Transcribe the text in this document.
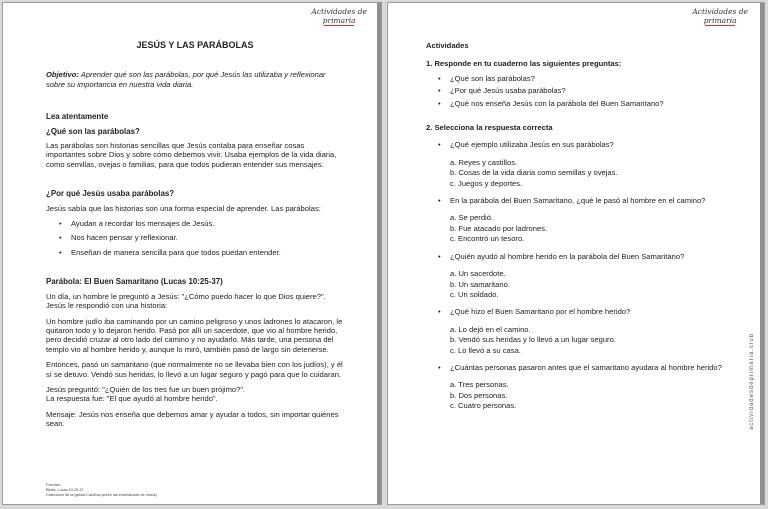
Actividades de
primaria
JESÚS Y LAS PARÁBOLAS
Objetivo: Aprender qué son las parábolas, por qué Jesús las utilizaba y reflexionar sobre su importancia en nuestra vida diaria.
Lea atentamente
¿Qué son las parábolas?

Las parábolas son historias sencillas que Jesús contaba para enseñar cosas importantes sobre Dios y sobre cómo debemos vivir. Usaba ejemplos de la vida diaria, como semillas, ovejas o familias, para que todos pudieran entender sus mensajes.

¿Por qué Jesús usaba parábolas?

Jesús sabía que las historias son una forma especial de aprender. Las parábolas:

• Ayudan a recordar los mensajes de Jesús.
• Nos hacen pensar y reflexionar.
• Enseñan de manera sencilla para que todos puedan entender.
Parábola: El Buen Samaritano (Lucas 10:25-37)

Un día, un hombre le preguntó a Jesús: "¿Cómo puedo hacer lo que Dios quiere?". Jesús le respondió con una historia:

Un hombre judío iba caminando por un camino peligroso y unos ladrones lo atacaron, le quitaron todo y lo dejaron herido. Pasó por allí un sacerdote, que vio al hombre herido, pero decidió cruzar al otro lado del camino y no ayudarlo. Más tarde, una persona del templo vio al hombre herido y, aunque lo miró, también pasó de largo sin detenerse.

Entonces, pasó un samaritano (que normalmente no se llevaba bien con los judíos), y él sí se detuvo. Vendó sus heridas, lo llevó a un lugar seguro y pagó para que lo cuidaran.

Jesús preguntó: "¿Quién de los tres fue un buen prójimo?".
La respuesta fue: "El que ayudó al hombre herido".

Mensaje: Jesús nos enseña que debemos amar y ayudar a todos, sin importar quiénes sean.

Fuentes:
Biblia: Lucas 10:25-37
Catecismo de la Iglesia Católica (sobre las enseñanzas de Jesús)
Actividades de
primaria
actividadesdeprimaria.club
Actividades
1. Responde en tu cuaderno las siguientes preguntas:
• ¿Qué son las parábolas?
• ¿Por qué Jesús usaba parábolas?
• ¿Qué nos enseña Jesús con la parábola del Buen Samaritano?
2. Selecciona la respuesta correcta
• ¿Qué ejemplo utilizaba Jesús en sus parábolas?
a. Reyes y castillos.
b. Cosas de la vida diaria como semillas y ovejas.
c. Juegos y deportes.
• En la parábola del Buen Samaritano, ¿qué le pasó al hombre en el camino?
a. Se perdió.
b. Fue atacado por ladrones.
c. Encontró un tesoro.
• ¿Quién ayudó al hombre herido en la parábola del Buen Samaritano?
a. Un sacerdote.
b. Un samaritano.
c. Un soldado.
• ¿Qué hizo el Buen Samaritano por el hombre herido?
a. Lo dejó en el camino.
b. Vendó sus heridas y lo llevó a un lugar seguro.
c. Lo llevó a su casa.
• ¿Cuántas personas pasaron antes que el samaritano ayudara al hombre herido?
a. Tres personas.
b. Dos personas.
c. Cuatro personas.
